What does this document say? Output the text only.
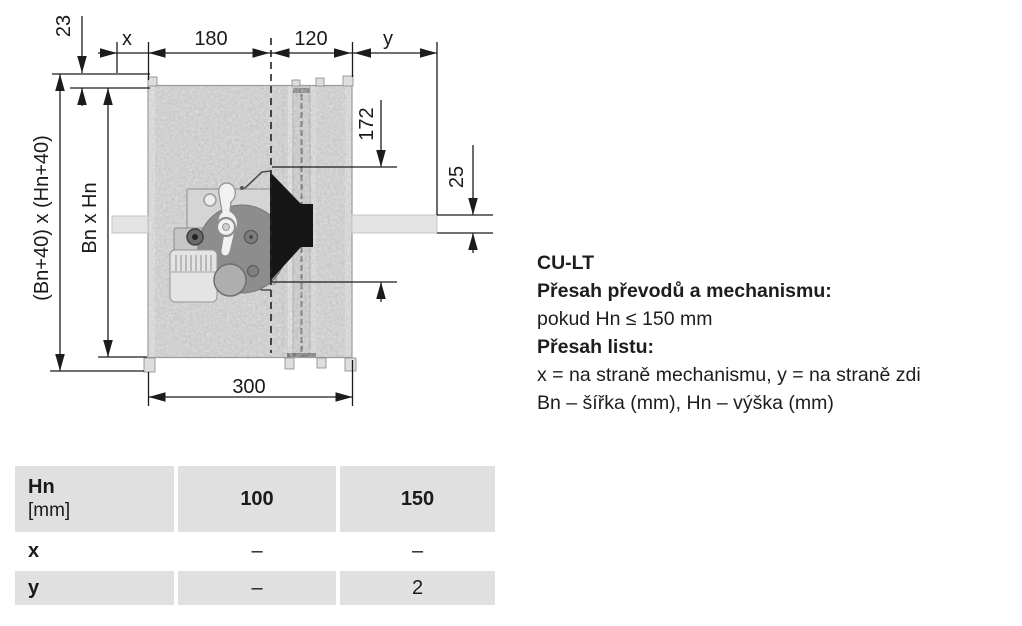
x	180	120	y
23
(Bn+40) x (Hn+40) Bn x Hn
172
25
300
CU-LT
Přesah převodů a mechanismu:
pokud Hn ≤ 150 mm
Přesah listu:
x = na straně mechanismu, y = na straně zdi
Bn – šířka (mm), Hn – výška (mm)
Hn
[mm]
100	150
x	–	–
y	–	2
